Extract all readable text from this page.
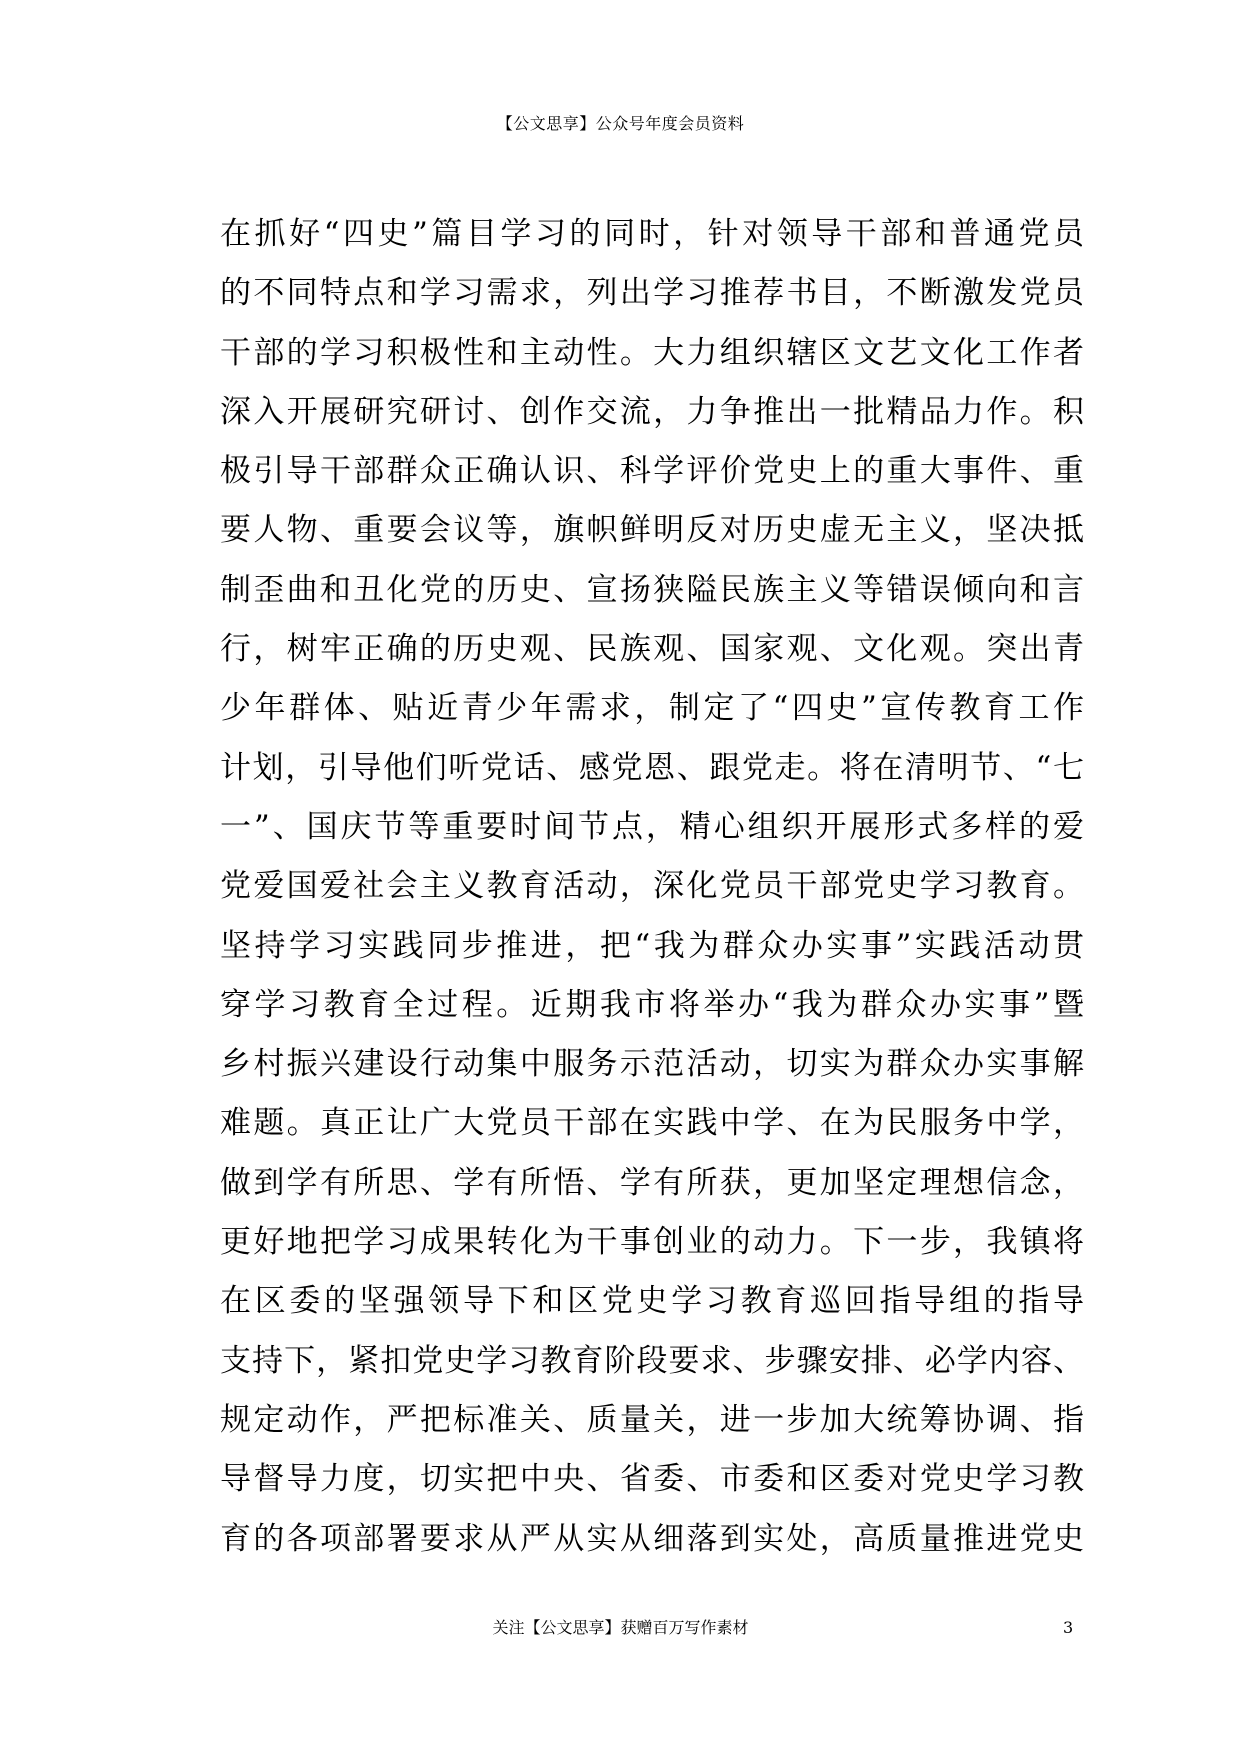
【公文思享】公众号年度会员资料
在抓好“四史”篇目学习的同时，针对领导干部和普通党员
的不同特点和学习需求，列出学习推荐书目，不断激发党员
干部的学习积极性和主动性。大力组织辖区文艺文化工作者
深入开展研究研讨、创作交流，力争推出一批精品力作。积
极引导干部群众正确认识、科学评价党史上的重大事件、重
要人物、重要会议等，旗帜鲜明反对历史虚无主义，坚决抵
制歪曲和丑化党的历史、宣扬狭隘民族主义等错误倾向和言
行，树牢正确的历史观、民族观、国家观、文化观。突出青
少年群体、贴近青少年需求，制定了“四史”宣传教育工作
计划，引导他们听党话、感党恩、跟党走。将在清明节、“七
一”、国庆节等重要时间节点，精心组织开展形式多样的爱
党爱国爱社会主义教育活动，深化党员干部党史学习教育。
坚持学习实践同步推进，把“我为群众办实事”实践活动贯
穿学习教育全过程。近期我市将举办“我为群众办实事”暨
乡村振兴建设行动集中服务示范活动，切实为群众办实事解
难题。真正让广大党员干部在实践中学、在为民服务中学，
做到学有所思、学有所悟、学有所获，更加坚定理想信念，
更好地把学习成果转化为干事创业的动力。下一步，我镇将
在区委的坚强领导下和区党史学习教育巡回指导组的指导
支持下，紧扣党史学习教育阶段要求、步骤安排、必学内容、
规定动作，严把标准关、质量关，进一步加大统筹协调、指
导督导力度，切实把中央、省委、市委和区委对党史学习教
育的各项部署要求从严从实从细落到实处，高质量推进党史
关注【公文思享】获赠百万写作素材	3
